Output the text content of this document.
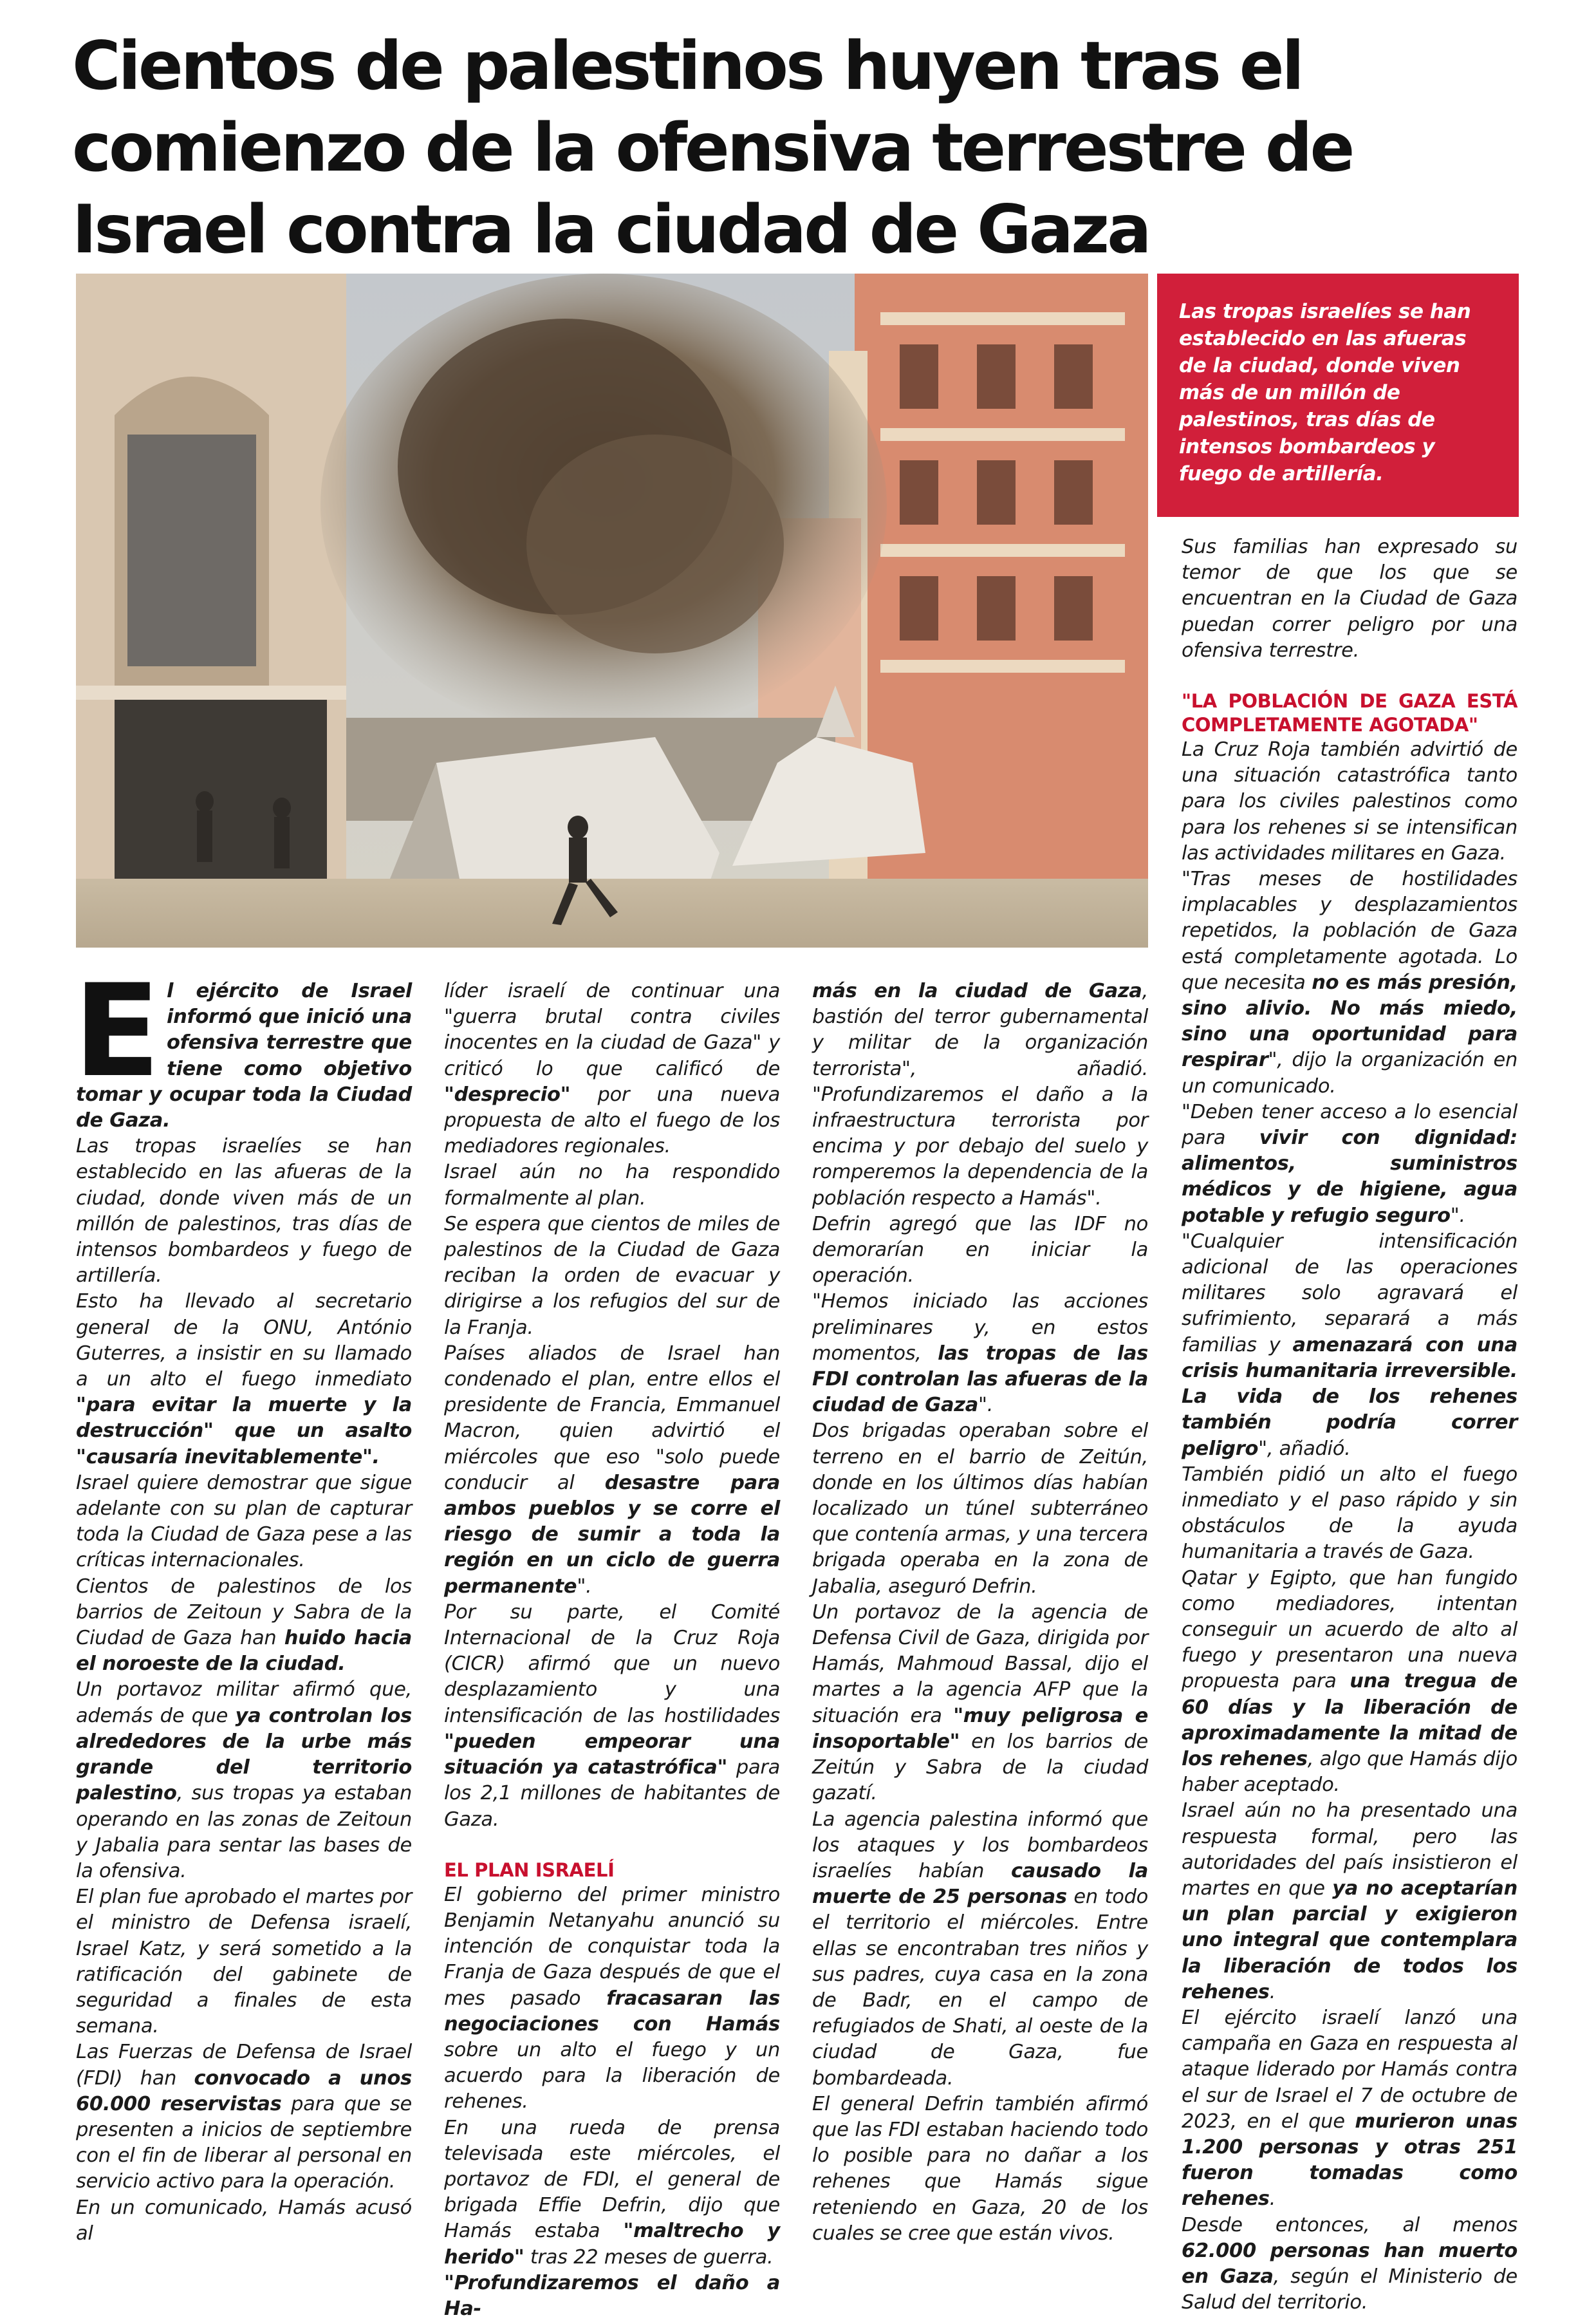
Cientos de palestinos huyen tras el comienzo de la ofensiva terrestre de Israel contra la ciudad de Gaza
Las tropas israelíes se han establecido en las afueras de la ciudad, donde viven más de un millón de palestinos, tras días de intensos bombardeos y fuego de artillería.
E l ejército de Israel informó que inició una ofensiva terrestre que tiene como objetivo tomar y ocupar toda la Ciudad de Gaza.

Las tropas israelíes se han establecido en las afueras de la ciudad, donde viven más de un millón de palestinos, tras días de intensos bombardeos y fuego de artillería.

Esto ha llevado al secretario general de la ONU, António Guterres, a insistir en su llamado a un alto el fuego inmediato "para evitar la muerte y la destrucción" que un asalto "causaría inevitablemente".

Israel quiere demostrar que sigue adelante con su plan de capturar toda la Ciudad de Gaza pese a las críticas internacionales.

Cientos de palestinos de los barrios de Zeitoun y Sabra de la Ciudad de Gaza han huido hacia el noroeste de la ciudad.

Un portavoz militar afirmó que, además de que ya controlan los alrededores de la urbe más grande del territorio palestino, sus tropas ya estaban operando en las zonas de Zeitoun y Jabalia para sentar las bases de la ofensiva.

El plan fue aprobado el martes por el ministro de Defensa israelí, Israel Katz, y será sometido a la ratificación del gabinete de seguridad a finales de esta semana.

Las Fuerzas de Defensa de Israel (FDI) han convocado a unos 60.000 reservistas para que se presenten a inicios de septiembre con el fin de liberar al personal en servicio activo para la operación.

En un comunicado, Hamás acusó al

líder israelí de continuar una "guerra brutal contra civiles inocentes en la ciudad de Gaza" y criticó lo que calificó de "desprecio" por una nueva propuesta de alto el fuego de los mediadores regionales.

Israel aún no ha respondido formalmente al plan.

Se espera que cientos de miles de palestinos de la Ciudad de Gaza reciban la orden de evacuar y dirigirse a los refugios del sur de la Franja.

Países aliados de Israel han condenado el plan, entre ellos el presidente de Francia, Emmanuel Macron, quien advirtió el miércoles que eso "solo puede conducir al desastre para ambos pueblos y se corre el riesgo de sumir a toda la región en un ciclo de guerra permanente".

Por su parte, el Comité Internacional de la Cruz Roja (CICR) afirmó que un nuevo desplazamiento y una intensificación de las hostilidades "pueden empeorar una situación ya catastrófica" para los 2,1 millones de habitantes de Gaza.

EL PLAN ISRAELÍ

El gobierno del primer ministro Benjamin Netanyahu anunció su intención de conquistar toda la Franja de Gaza después de que el mes pasado fracasaran las negociaciones con Hamás sobre un alto el fuego y un acuerdo para la liberación de rehenes.

En una rueda de prensa televisada este miércoles, el portavoz de FDI, el general de brigada Effie Defrin, dijo que Hamás estaba "maltrecho y herido" tras 22 meses de guerra.

"Profundizaremos el daño a Ha-

más en la ciudad de Gaza, bastión del terror gubernamental y militar de la organización terrorista", añadió. "Profundizaremos el daño a la infraestructura terrorista por encima y por debajo del suelo y romperemos la dependencia de la población respecto a Hamás".

Defrin agregó que las IDF no demorarían en iniciar la operación.

"Hemos iniciado las acciones preliminares y, en estos momentos, las tropas de las FDI controlan las afueras de la ciudad de Gaza".

Dos brigadas operaban sobre el terreno en el barrio de Zeitún, donde en los últimos días habían localizado un túnel subterráneo que contenía armas, y una tercera brigada operaba en la zona de Jabalia, aseguró Defrin.

Un portavoz de la agencia de Defensa Civil de Gaza, dirigida por Hamás, Mahmoud Bassal, dijo el martes a la agencia AFP que la situación era "muy peligrosa e insoportable" en los barrios de Zeitún y Sabra de la ciudad gazatí.

La agencia palestina informó que los ataques y los bombardeos israelíes habían causado la muerte de 25 personas en todo el territorio el miércoles. Entre ellas se encontraban tres niños y sus padres, cuya casa en la zona de Badr, en el campo de refugiados de Shati, al oeste de la ciudad de Gaza, fue bombardeada.

El general Defrin también afirmó que las FDI estaban haciendo todo lo posible para no dañar a los rehenes que Hamás sigue reteniendo en Gaza, 20 de los cuales se cree que están vivos.

Sus familias han expresado su temor de que los que se encuentran en la Ciudad de Gaza puedan correr peligro por una ofensiva terrestre.

"LA POBLACIÓN DE GAZA ESTÁ COMPLETAMENTE AGOTADA"

La Cruz Roja también advirtió de una situación catastrófica tanto para los civiles palestinos como para los rehenes si se intensifican las actividades militares en Gaza.

"Tras meses de hostilidades implacables y desplazamientos repetidos, la población de Gaza está completamente agotada. Lo que necesita no es más presión, sino alivio. No más miedo, sino una oportunidad para respirar", dijo la organización en un comunicado.

"Deben tener acceso a lo esencial para vivir con dignidad: alimentos, suministros médicos y de higiene, agua potable y refugio seguro".

"Cualquier intensificación adicional de las operaciones militares solo agravará el sufrimiento, separará a más familias y amenazará con una crisis humanitaria irreversible. La vida de los rehenes también podría correr peligro", añadió.

También pidió un alto el fuego inmediato y el paso rápido y sin obstáculos de la ayuda humanitaria a través de Gaza.

Qatar y Egipto, que han fungido como mediadores, intentan conseguir un acuerdo de alto al fuego y presentaron una nueva propuesta para una tregua de 60 días y la liberación de aproximadamente la mitad de los rehenes, algo que Hamás dijo haber aceptado.

Israel aún no ha presentado una respuesta formal, pero las autoridades del país insistieron el martes en que ya no aceptarían un plan parcial y exigieron uno integral que contemplara la liberación de todos los rehenes.

El ejército israelí lanzó una campaña en Gaza en respuesta al ataque liderado por Hamás contra el sur de Israel el 7 de octubre de 2023, en el que murieron unas 1.200 personas y otras 251 fueron tomadas como rehenes.

Desde entonces, al menos 62.000 personas han muerto en Gaza, según el Ministerio de Salud del territorio.
